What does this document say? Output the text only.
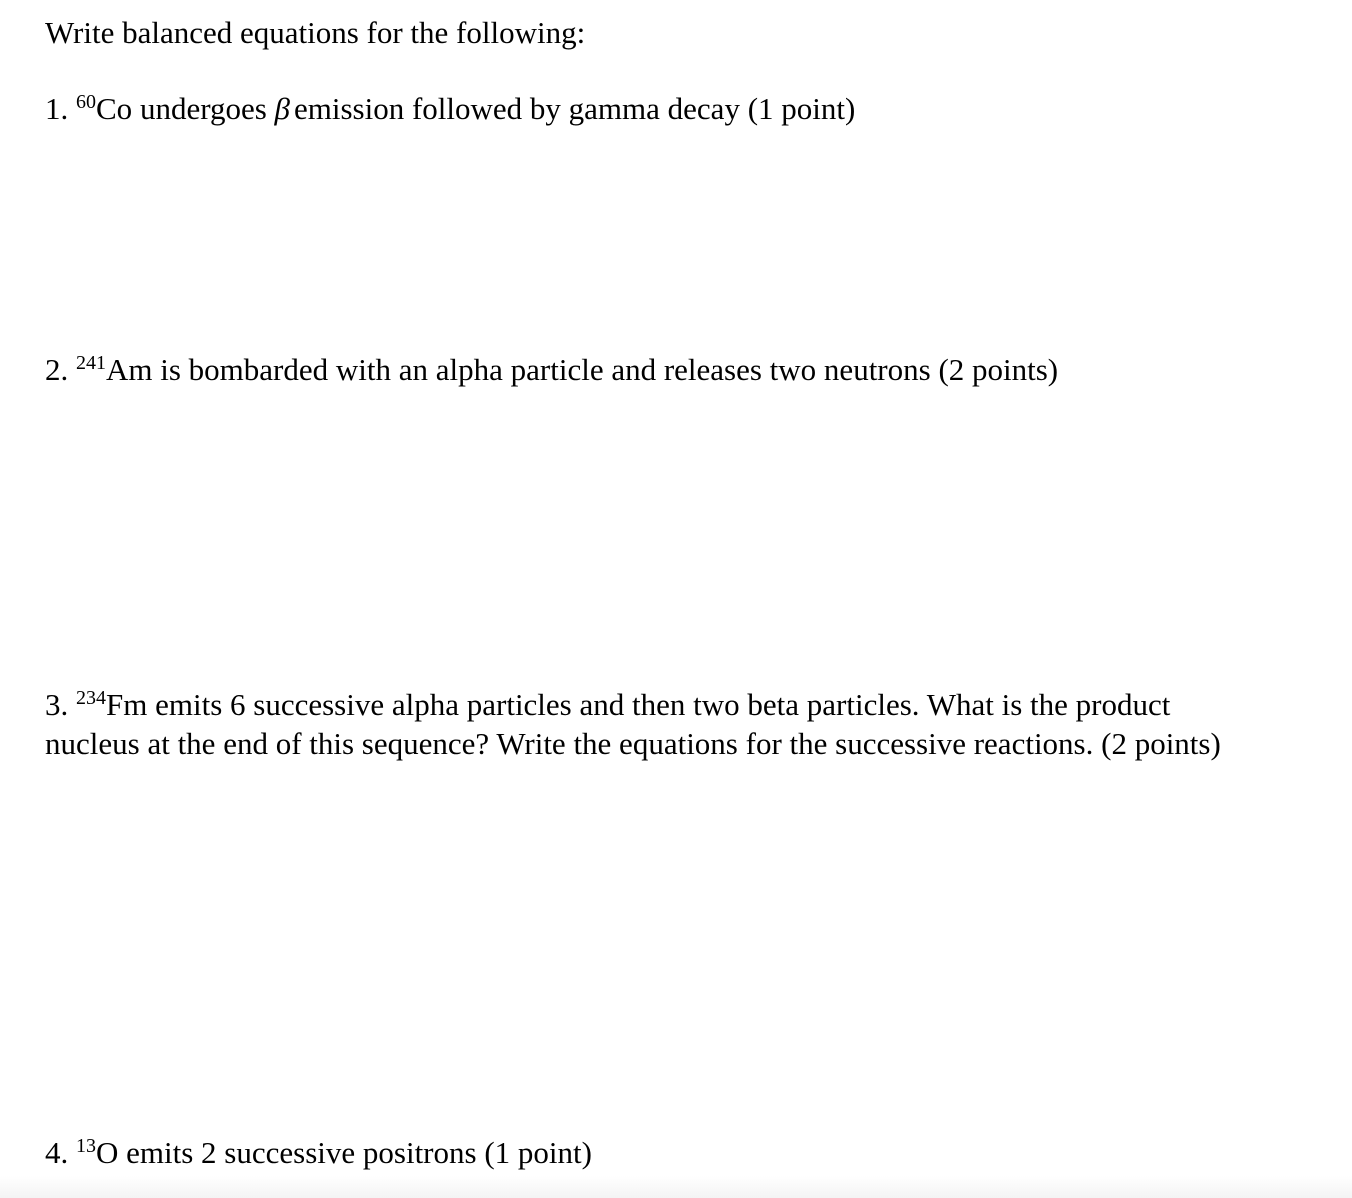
Write balanced equations for the following:
1. $^{60}$Co undergoes β emission followed by gamma decay (1 point)
2. $^{241}$Am is bombarded with an alpha particle and releases two neutrons (2 points)
3. $^{234}$Fm emits 6 successive alpha particles and then two beta particles. What is the product
nucleus at the end of this sequence? Write the equations for the successive reactions. (2 points)
4. $^{13}$O emits 2 successive positrons (1 point)
